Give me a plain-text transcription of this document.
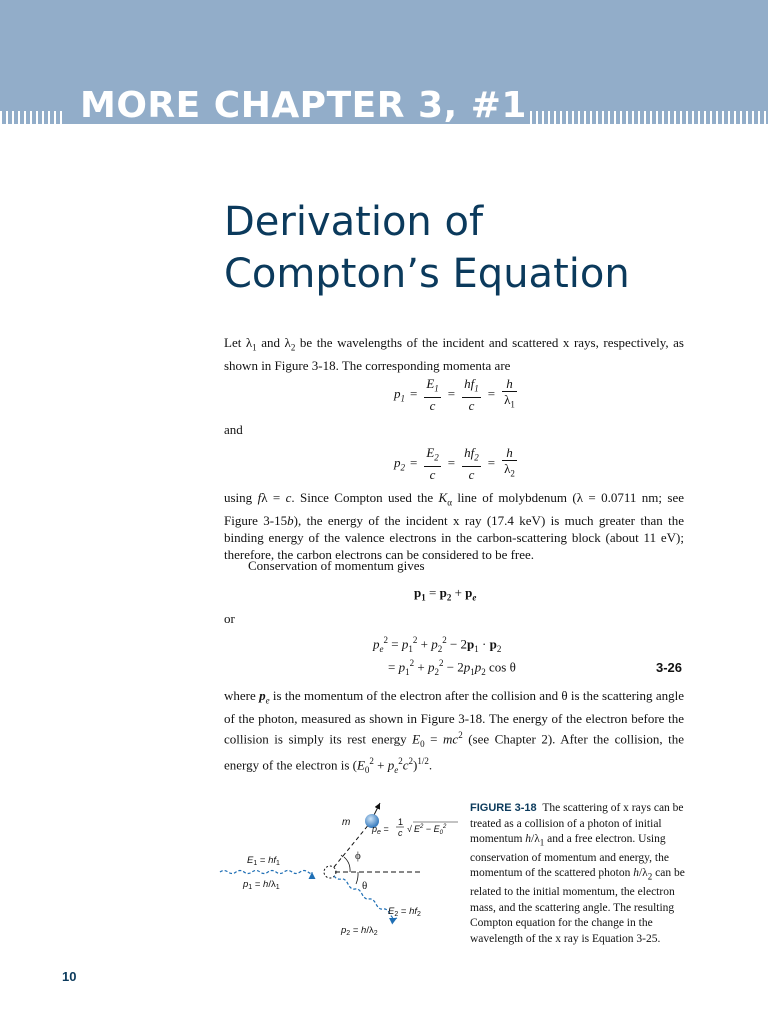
MORE CHAPTER 3, #1
Derivation of
Compton’s Equation

Let $\lambda_1$ and $\lambda_2$ be the wavelengths of the incident and scattered x rays, respectively, as shown in Figure 3-18. The corresponding momenta are

$p_1 = \frac{E_1}{c} = \frac{hf_1}{c} = \frac{h}{\lambda_1}$
and
$p_2 = \frac{E_2}{c} = \frac{hf_2}{c} = \frac{h}{\lambda_2}$

using fλ = c. Since Compton used the $K_\alpha$ line of molybdenum (λ = 0.0711 nm; see Figure 3-15b), the energy of the incident x ray (17.4 keV) is much greater than the binding energy of the valence electrons in the carbon-scattering block (about 11 eV); therefore, the carbon electrons can be considered to be free.

Conservation of momentum gives

$p_1 = p_2 + p_e$
or
$p_e^2 = p_1^2 + p_2^2 - 2p_1 \cdot p_2$
= $p_1^2 + p_2^2 - 2p_1p_2$ cos θ	3-26

where $p_e$ is the momentum of the electron after the collision and θ is the scattering angle of the photon, measured as shown in Figure 3-18. The energy of the electron before the collision is simply its rest energy $E_0 = mc^2$ (see Chapter 2). After the collision, the energy of the electron is $(E_0^2 + p_e^2c^2)^{1/2}$.

m
$p_e$ =
1
c √ $E^2 - E_0^2$
ϕ
θ
$E_1 = hf_1$
$p_1 = h/\lambda_1$
$E_2 = hf_2$
$p_2 = h/\lambda_2$

FIGURE 3-18  The scattering of x rays can be treated as a collision of a photon of initial momentum $h/\lambda_1$ and a free electron. Using conservation of momentum and energy, the momentum of the scattered photon $h/\lambda_2$ can be related to the initial momentum, the electron mass, and the scattering angle. The resulting Compton equation for the change in the wavelength of the x ray is Equation 3-25.

10
